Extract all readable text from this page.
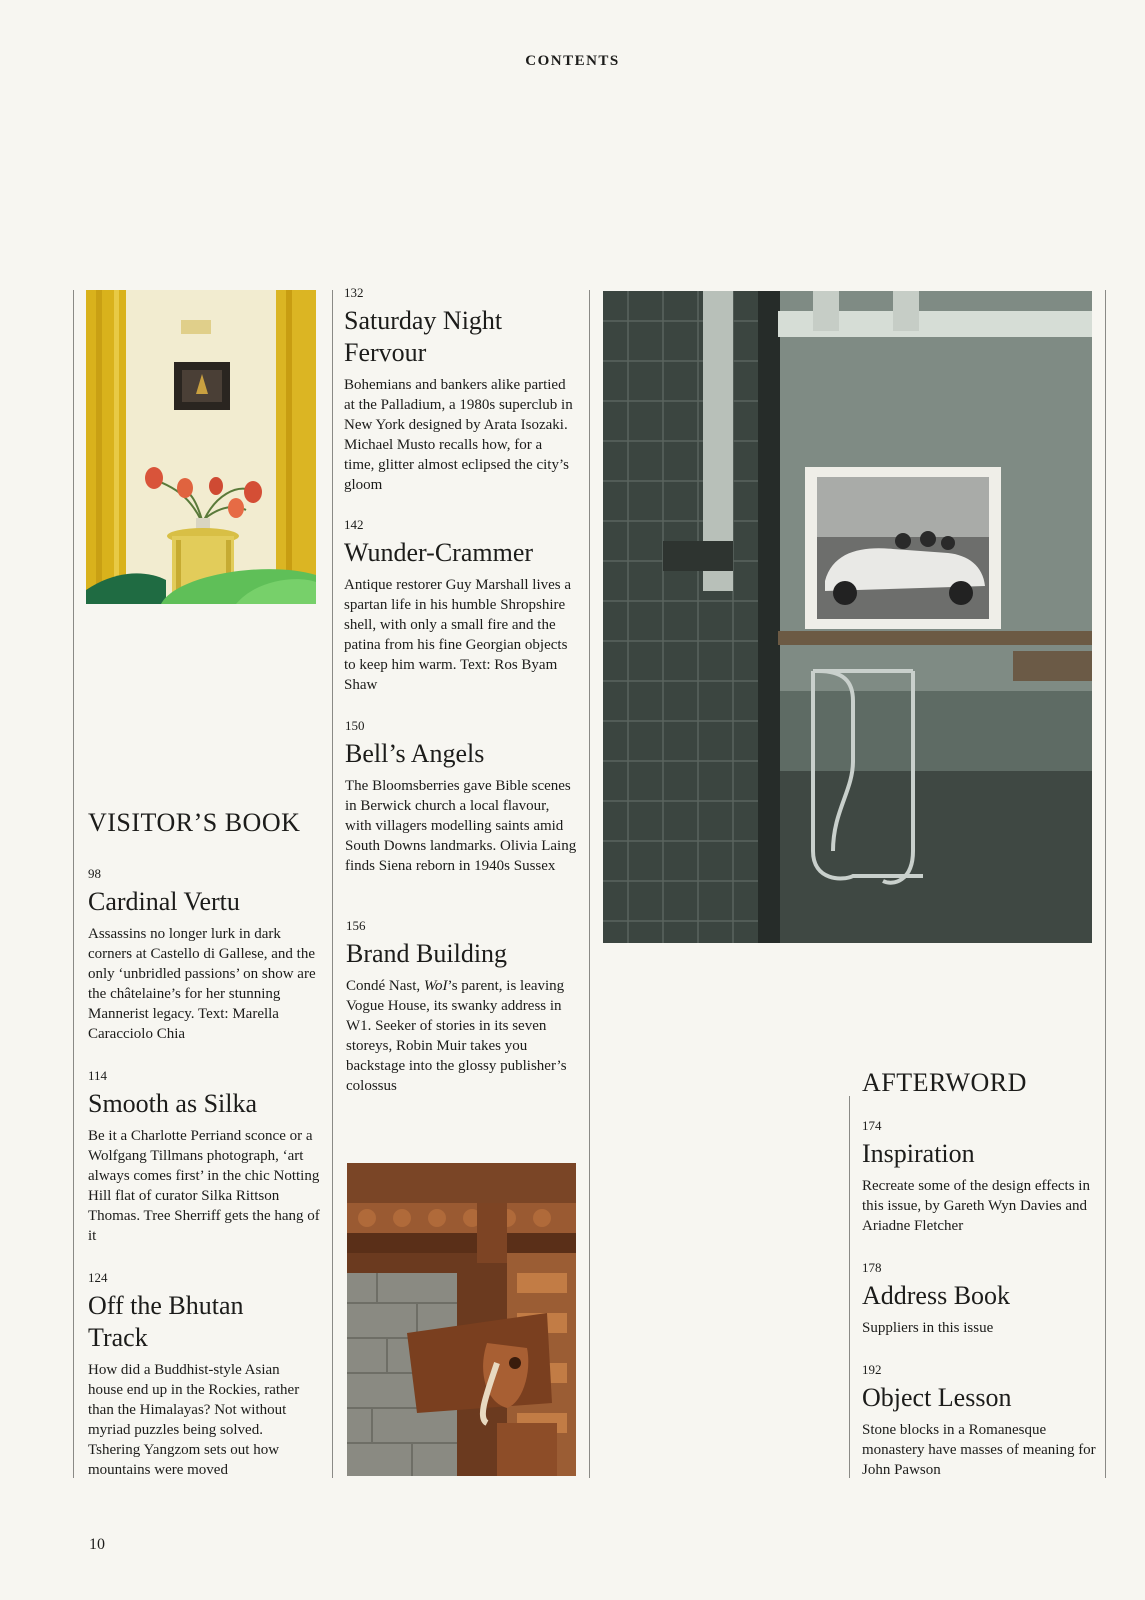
CONTENTS
VISITOR’S BOOK
98
Cardinal Vertu
Assassins no longer lurk in dark corners at Castello di Gallese, and the only ‘unbridled passions’ on show are the châtelaine’s for her stunning Mannerist legacy. Text: Marella Caracciolo Chia
114
Smooth as Silka
Be it a Charlotte Perriand sconce or a Wolfgang Tillmans photograph, ‘art always comes first’ in the chic Notting Hill flat of curator Silka Rittson Thomas. Tree Sherriff gets the hang of it
124
Off the Bhutan Track
How did a Buddhist-style Asian house end up in the Rockies, rather than the Himalayas? Not without myriad puzzles being solved. Tshering Yangzom sets out how mountains were moved
132
Saturday Night Fervour
Bohemians and bankers alike partied at the Palladium, a 1980s superclub in New York designed by Arata Isozaki. Michael Musto recalls how, for a time, glitter almost eclipsed the city’s gloom
142
Wunder-Crammer
Antique restorer Guy Marshall lives a spartan life in his humble Shropshire shell, with only a small fire and the patina from his fine Georgian objects to keep him warm. Text: Ros Byam Shaw
150
Bell’s Angels
The Bloomsberries gave Bible scenes in Berwick church a local flavour, with villagers modelling saints amid South Downs landmarks. Olivia Laing finds Siena reborn in 1940s Sussex
156
Brand Building
Condé Nast, WoI’s parent, is leaving Vogue House, its swanky address in W1. Seeker of stories in its seven storeys, Robin Muir takes you backstage into the glossy publisher’s colossus	AFTERWORD
174
Inspiration
Recreate some of the design effects in this issue, by Gareth Wyn Davies and Ariadne Fletcher
178
Address Book
Suppliers in this issue
192
Object Lesson
Stone blocks in a Romanesque monastery have masses of meaning for John Pawson
10
